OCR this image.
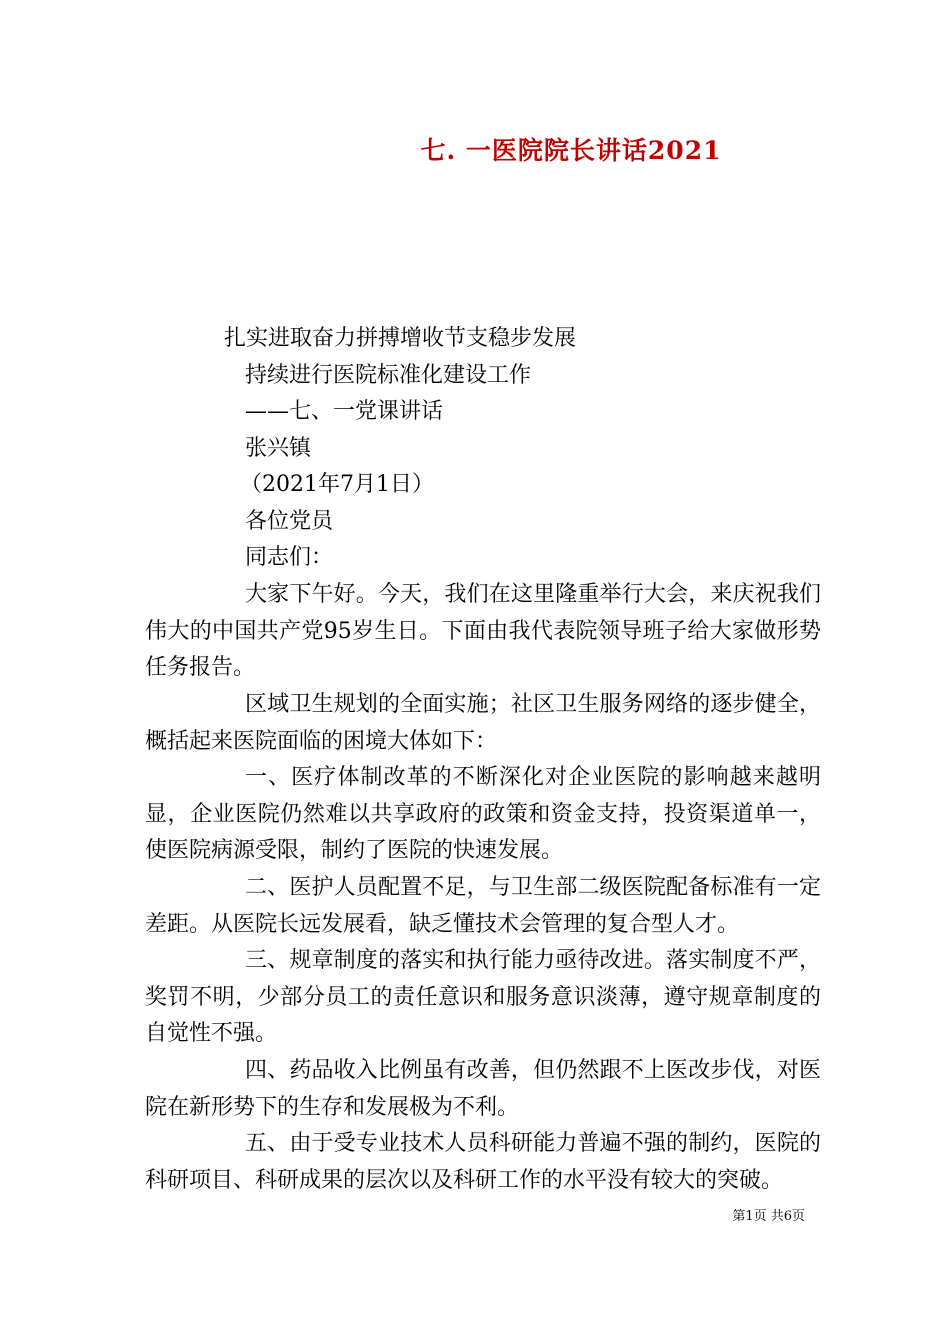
七. 一医院院长讲话2021
扎实进取奋力拼搏增收节支稳步发展
持续进行医院标准化建设工作
——七、一党课讲话
张兴镇
（2021年7月1日）
各位党员
同志们：
大家下午好。今天，我们在这里隆重举行大会，来庆祝我们伟大的中国共产党95岁生日。下面由我代表院领导班子给大家做形势任务报告。
区域卫生规划的全面实施；社区卫生服务网络的逐步健全，概括起来医院面临的困境大体如下：
一、医疗体制改革的不断深化对企业医院的影响越来越明显，企业医院仍然难以共享政府的政策和资金支持，投资渠道单一，使医院病源受限，制约了医院的快速发展。
二、医护人员配置不足，与卫生部二级医院配备标准有一定差距。从医院长远发展看，缺乏懂技术会管理的复合型人才。
三、规章制度的落实和执行能力亟待改进。落实制度不严，奖罚不明，少部分员工的责任意识和服务意识淡薄，遵守规章制度的自觉性不强。
四、药品收入比例虽有改善，但仍然跟不上医改步伐，对医院在新形势下的生存和发展极为不利。
五、由于受专业技术人员科研能力普遍不强的制约，医院的科研项目、科研成果的层次以及科研工作的水平没有较大的突破。
第1页 共6页
